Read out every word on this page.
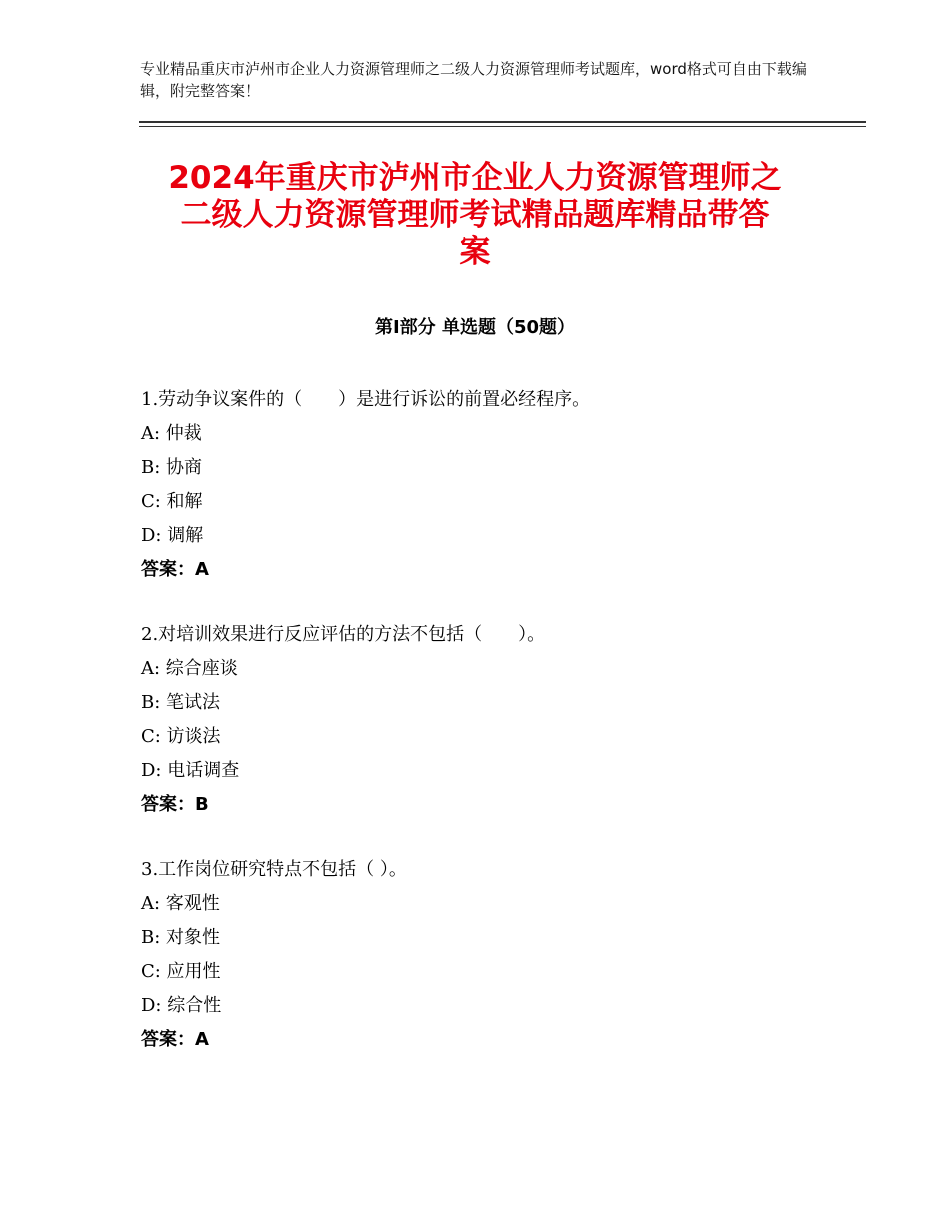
专业精品重庆市泸州市企业人力资源管理师之二级人力资源管理师考试题库，word格式可自由下载编辑，附完整答案！
2024年重庆市泸州市企业人力资源管理师之
二级人力资源管理师考试精品题库精品带答
案
第Ⅰ部分 单选题（50题）
1.劳动争议案件的（　　）是进行诉讼的前置必经程序。
A: 仲裁
B: 协商
C: 和解
D: 调解
答案：A
2.对培训效果进行反应评估的方法不包括（　　）。
A: 综合座谈
B: 笔试法
C: 访谈法
D: 电话调查
答案：B
3.工作岗位研究特点不包括（ ）。
A: 客观性
B: 对象性
C: 应用性
D: 综合性
答案：A
